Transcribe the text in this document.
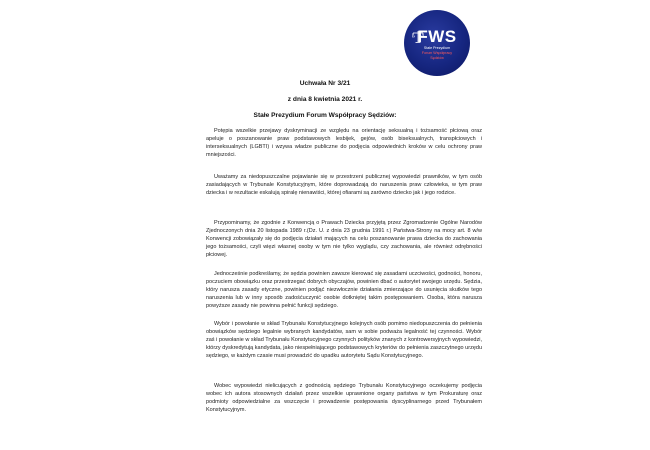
FWS
Stałe Prezydium
Forum Współpracy
Sędziów
Uchwała Nr 3/21
z dnia 8 kwietnia 2021 r.
Stałe Prezydium Forum Współpracy Sędziów:

Potępia wszelkie przejawy dyskryminacji ze względu na orientację seksualną i tożsamość płciową oraz apeluje o poszanowanie praw podstawowych lesbijek, gejów, osób biseksualnych, transpłciowych i interseksualnych (LGBTI) i wzywa władze publiczne do podjęcia odpowiednich kroków w celu ochrony praw mniejszości.

Uważamy za niedopuszczalne pojawianie się w przestrzeni publicznej wypowiedzi prawników, w tym osób zasiadających w Trybunale Konstytucyjnym, które doprowadzają do naruszenia praw człowieka, w tym praw dziecka i w rezultacie eskalują spiralę nienawiści, której ofiarami są zarówno dziecko jak i jego rodzice.

Przypominamy, że zgodnie z Konwencją o Prawach Dziecka przyjętą przez Zgromadzenie Ogólne Narodów Zjednoczonych dnia 20 listopada 1989 r.(Dz. U. z dnia 23 grudnia 1991 r.) Państwa-Strony na mocy art. 8 w/w Konwencji zobowiązały się do podjęcia działań mających na celu poszanowanie prawa dziecka do zachowania jego tożsamości, czyli więzi własnej osoby w tym nie tylko wyglądu, czy zachowania, ale również odrębności płciowej.

Jednocześnie podkreślamy, że sędzia powinien zawsze kierować się zasadami uczciwości, godności, honoru, poczuciem obowiązku oraz przestrzegać dobrych obyczajów, powinien dbać o autorytet swojego urzędu. Sędzia, który narusza zasady etyczne, powinien podjąć niezwłocznie działania zmierzające do usunięcia skutków tego naruszenia lub w inny sposób zadośćuczynić osobie dotkniętej takim postępowaniem. Osoba, która narusza powyższe zasady nie powinna pełnić funkcji sędziego.

Wybór i powołanie w skład Trybunału Konstytucyjnego kolejnych osób pomimo niedopuszczenia do pełnienia obowiązków sędziego legalnie wybranych kandydatów, sam w sobie podważa legalność tej czynności. Wybór zaś i powołanie w skład Trybunału Konstytucyjnego czynnych polityków znanych z kontrowersyjnych wypowiedzi, którzy dyskredytują kandydata, jako niespełniającego podstawowych kryteriów do pełnienia zaszczytnego urzędu sędziego, w każdym czasie musi prowadzić do upadku autorytetu Sądu Konstytucyjnego.

Wobec wypowiedzi nielicujących z godnością sędziego Trybunału Konstytucyjnego oczekujemy podjęcia wobec ich autora stosownych działań przez wszelkie uprawnione organy państwa w tym Prokuraturę oraz podmioty odpowiedzialne za wszczęcie i prowadzenie postępowania dyscyplinarnego przed Trybunałem Konstytucyjnym.
